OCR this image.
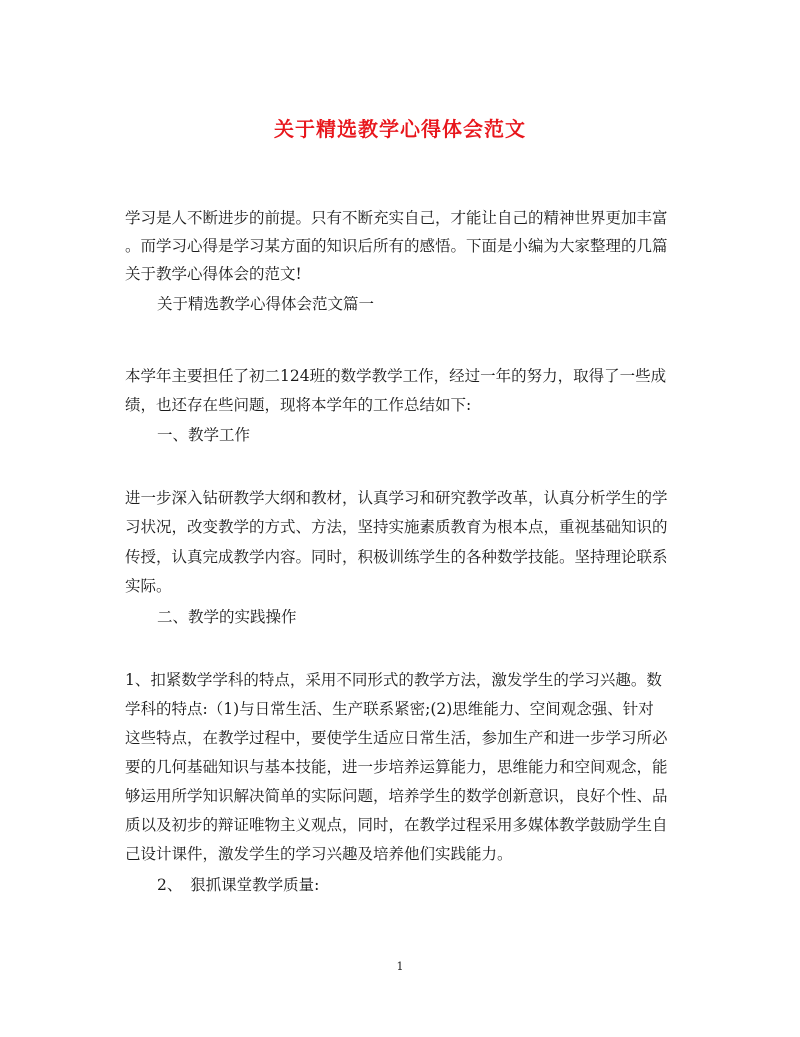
关于精选教学心得体会范文
学习是人不断进步的前提。只有不断充实自己，才能让自己的精神世界更加丰富
。而学习心得是学习某方面的知识后所有的感悟。下面是小编为大家整理的几篇
关于教学心得体会的范文!
关于精选教学心得体会范文篇一
本学年主要担任了初二124班的数学教学工作，经过一年的努力，取得了一些成
绩，也还存在些问题，现将本学年的工作总结如下:
一、教学工作
进一步深入钻研教学大纲和教材，认真学习和研究教学改革，认真分析学生的学
习状况，改变教学的方式、方法，坚持实施素质教育为根本点，重视基础知识的
传授，认真完成教学内容。同时，积极训练学生的各种数学技能。坚持理论联系
实际。
二、教学的实践操作
1、扣紧数学学科的特点，采用不同形式的教学方法，激发学生的学习兴趣。数
学科的特点:（1)与日常生活、生产联系紧密;(2)思维能力、空间观念强、针对
这些特点，在教学过程中，要使学生适应日常生活，参加生产和进一步学习所必
要的几何基础知识与基本技能，进一步培养运算能力，思维能力和空间观念，能
够运用所学知识解决简单的实际问题，培养学生的数学创新意识，良好个性、品
质以及初步的辩证唯物主义观点，同时，在教学过程采用多媒体教学鼓励学生自
己设计课件，激发学生的学习兴趣及培养他们实践能力。
2、　狠抓课堂教学质量:
1
